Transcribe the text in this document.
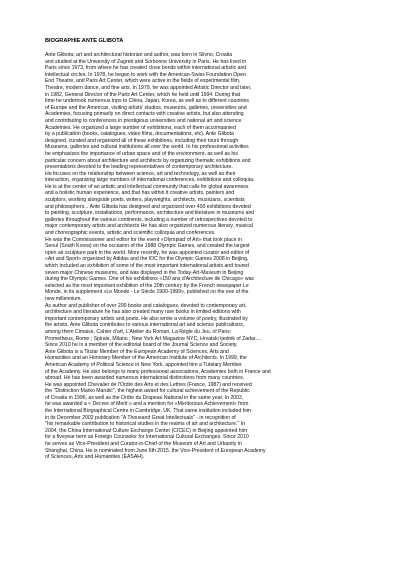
BIOGRAPHIE ANTE GLIBOTA
Ante Glibota, art and architectural historian and author, was born in Silvno, Croatia
and studied at the University of Zagreb and Sorbonne University in Paris. He has lived in
Paris since 1973, from where he has created close bonds within international artistic and
intellectual circles. In 1978, he began to work with the American-Swiss Foundation Open
End Theatre, and Paris Art Center, which were active in the fields of experimental film,
Theatre, modern dance, and fine arts. In 1979, he was appointed Artistic Director and later,
in 1982, General Director of the Paris Art Center, which he held until 1994. During that
time he undertook numerous trips to China, Japan, Korea, as well as to different countries
of Europe and the Americas, visiting artists' studios, museums, galleries, universities and
Academies, focusing primarily on direct contacts with creative artists, but also attending
and contributing to conferences in prestigious universities and national art and science
Academies. He organized a large number of exhibitions, each of them accompanied
by a publication (books, catalogues, video films, documentations, etc). Ante Glibota
designed, curated and organized all of these exhibitions, including their tours through
Museums, galleries and cultural institutions all over the world. In his professional activities
he emphasizes the importance of urban space and of the environment, as well as his
particular concern about architecture and architects by organizing thematic exhibitions and
presentations devoted to the leading representatives of contemporary architecture.
He focuses on the relationship between science, art and technology, as well as their
interaction, organizing large numbers of international conferences, exhibitions and colloquia.
He is at the center of an artistic and intellectual community that calls for global awareness
and a holistic human experience, and that has within it creative artists, painters and
sculptors, working alongside poets, writers, playwrights, architects, musicians, scientists
and philosophers... Ante Glibota has designed and organized over 400 exhibitions devoted
to painting, sculpture, installations, performance, architecture and literature in museums and
galleries throughout the various continents, including a number of retrospectives devoted to
major contemporary artists and architects He has also organized numerous literary, musical
and choreographic events, artistic and scientific colloquia and conferences.
He was the Commissioner and editor for the event «Olympiad of Art» that took place in
Seoul (South Korea) on the occasion of the 1988 Olympic Games, and created the largest
open air sculpture park in the world. More recently, he was appointed curator and editor of
«Art and Sport» organized by Adidas and the IOC for the Olympic Games 2008 in Beijing,
which included an exhibition of some of the most important international artists and toured
seven major Chinese museums, and was displayed in the Today-Art-Museum in Beijing
during the Olympic Games. One of his exhibitions «150 ans d'Architecture de Chicago» was
selected as the most important exhibition of the 20th century by the French newspaper Le
Monde, in its supplement «Le Monde - Le Siècle 1900-1999», published on the eve of the
new millennium.
As author and publisher of over 200 books and catalogues, devoted to contemporary art,
architecture and literature he has also created many rare books in limited editions with
important contemporary artists and poets. He also wrote a volume of poetry, illustrated by
the artists. Ante Glibota contributes to various international art and science publications,
among them Cimaise, Cahier d'art, L'Atelier du Roman, La Règle du Jeu, of Paris;
Prometheus, Rome ; Spirale, Milano ; New York Art Magazine NYC, Hrvatski tjednik of Zadar....
Since 2010 he is a member of the editorial board of the Journal Science and Society.
Ante Glibota is a Titular Member of the European Academy of Sciences, Arts and
Humanities and an Honorary Member of the American Institute of Architects. In 1999, the
American Academy of Political Science in New York, appointed him a Tutelary Member
of the Academy. He also belongs to many professional associations, Academies both in France and
abroad. He has been awarded numerous international distinctions from many countries.
He was appointed Chevalier de l'Ordre des Arts et des Lettres (France, 1987) and received
the "Distinction Marko Marulić", the highest award for cultural achievement of the Republic
of Croatia in 1996, as well as the Ordre du Drapeau National in the same year. In 2002,
he was awarded a « Decree of Merit » and a mention for «Meritorious Achievement» from
the International Biographical Centre in Cambridge, UK. That same institution included him
in its December 2002 publication "A Thousand Great Intellectuals" - in recognition of
"his remarkable contribution to historical studies in the realms of art and architecture." In
2004, the China International Culture Exchange Center (CICEC) in Beijing appointed him
for a fiveyear term as Foreign Counselor for International Cultural Exchanges. Since 2010
he serves as Vice-President and Curator-in-Chief of the Museum of Art and Urbanity in
Shanghai, China. He is nominated from June 6th 2015, the Vice-President of European Academy
of Sciences, Arts and Humanities (EASAH).
